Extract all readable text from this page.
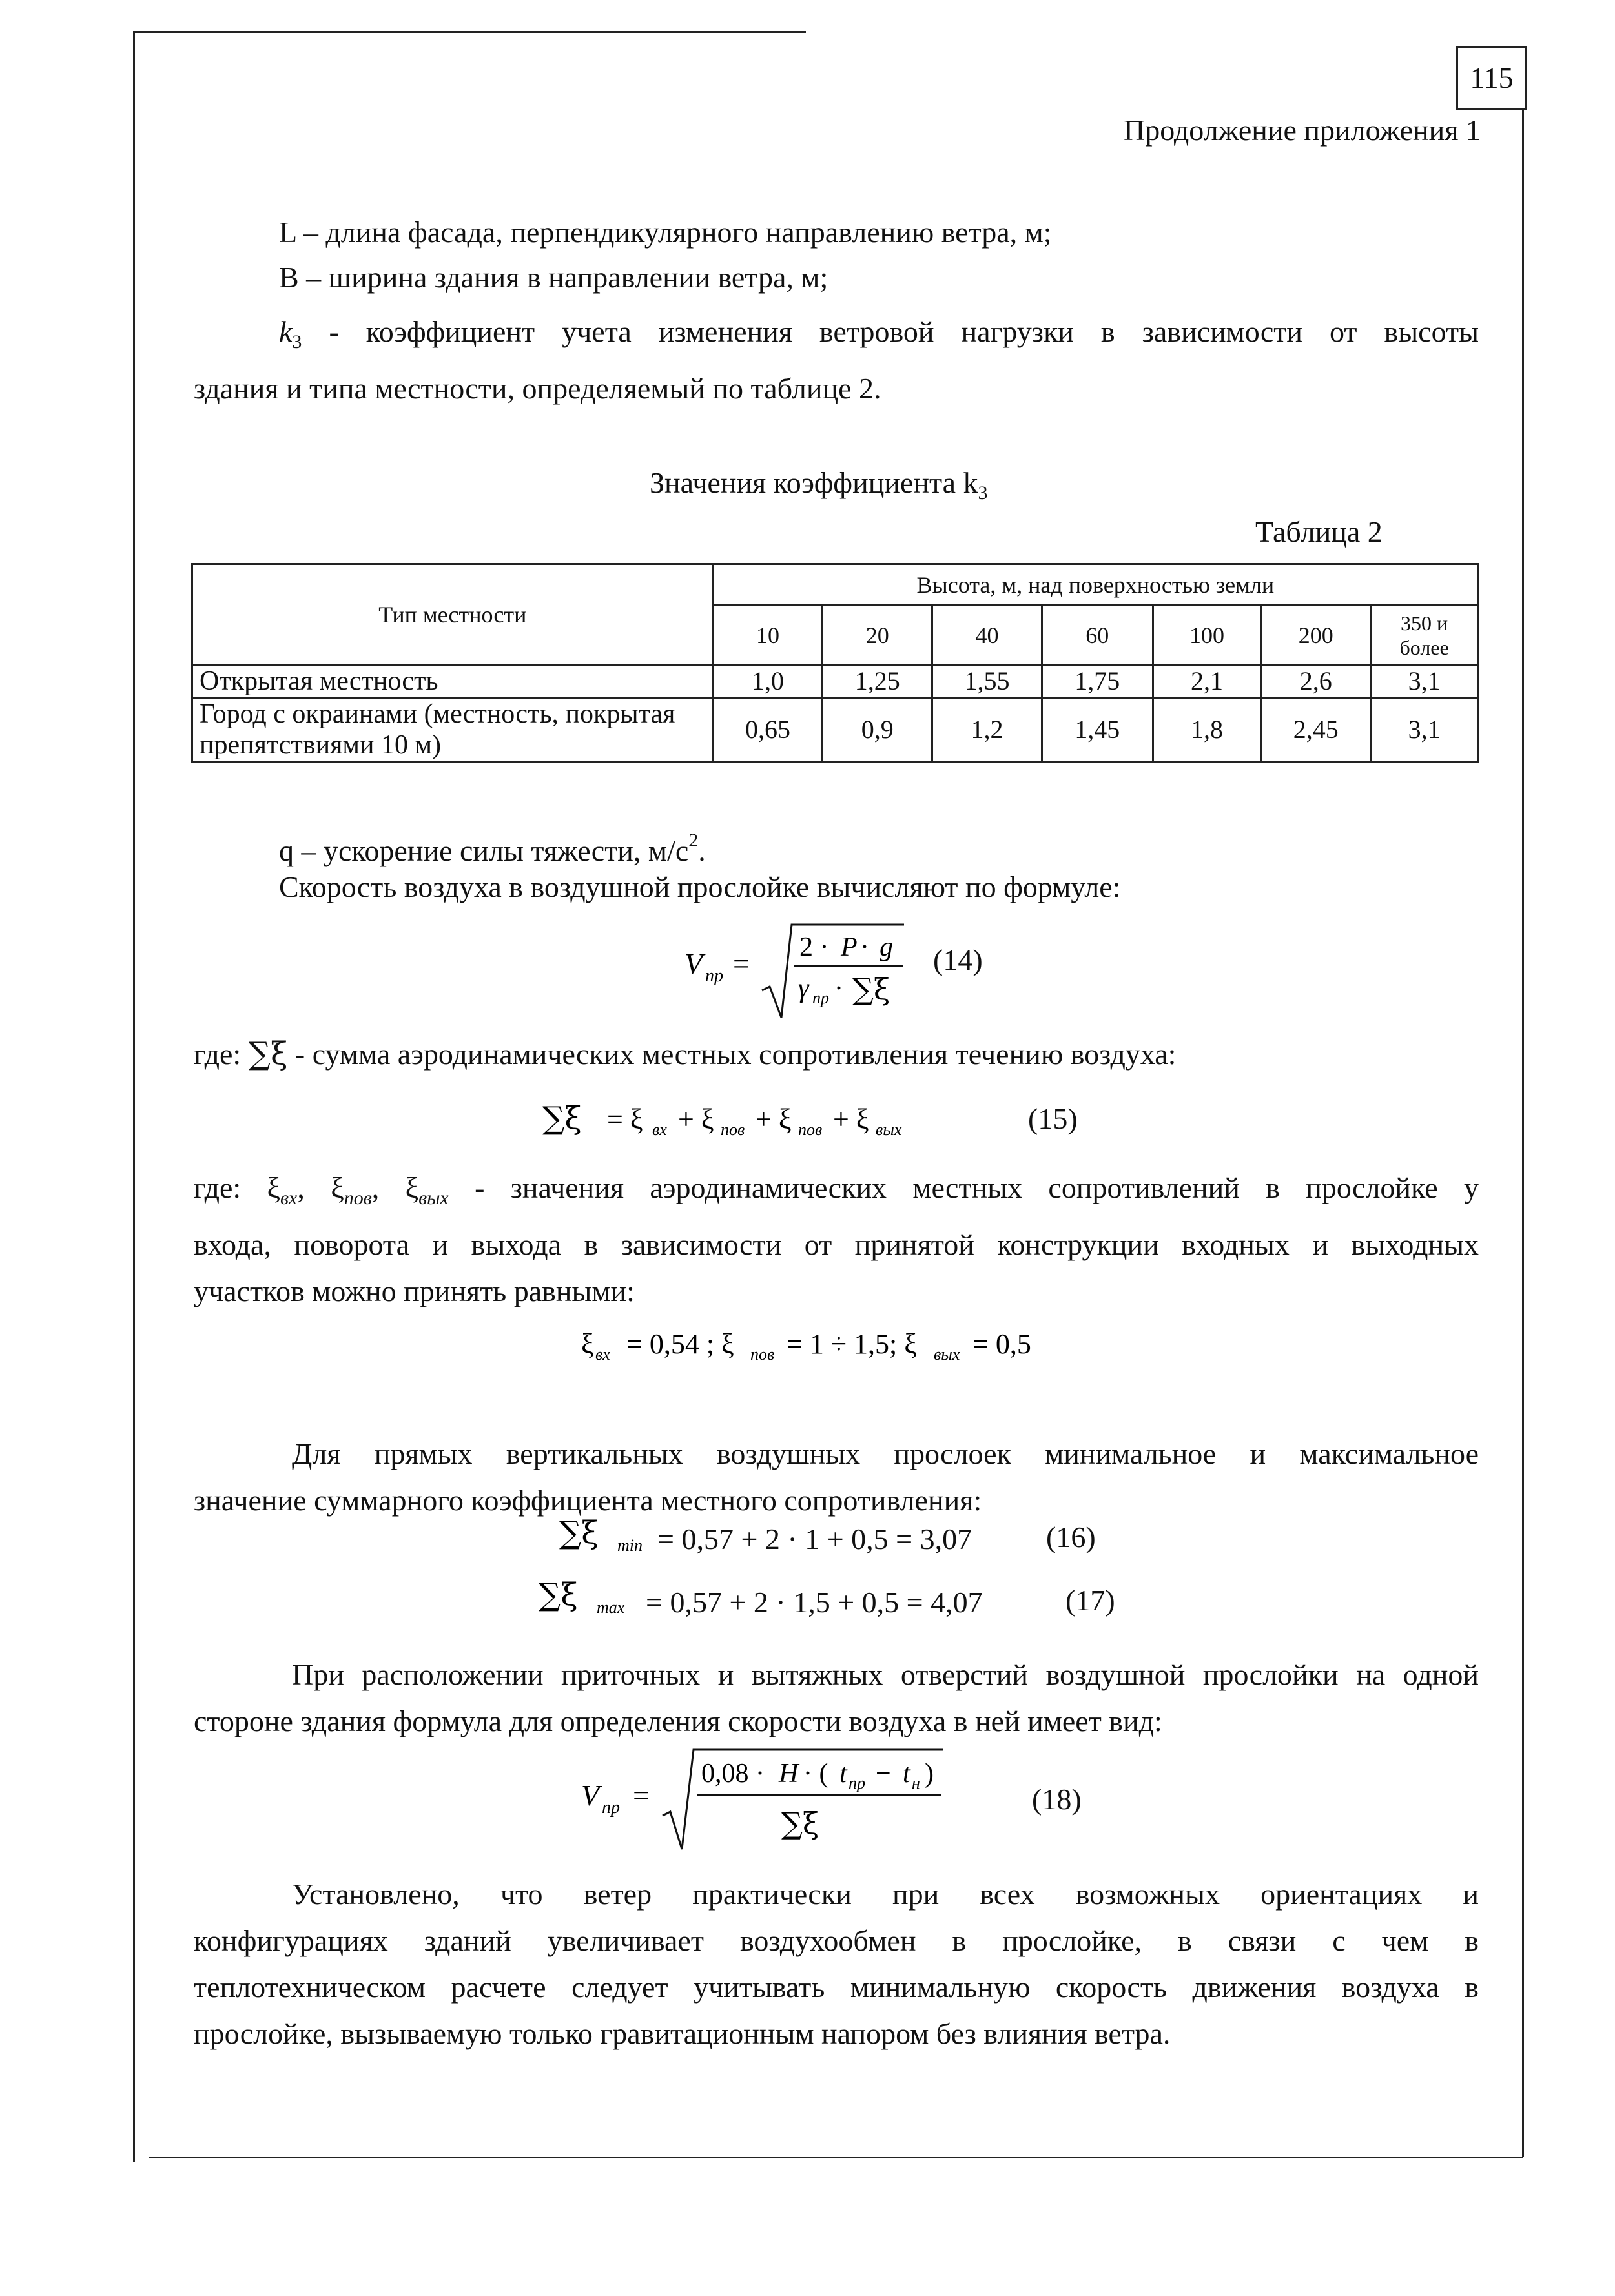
115
Продолжение приложения 1
L – длина фасада, перпендикулярного направлению ветра, м;
В – ширина здания в направлении ветра, м;
$k_3$ - коэффициент учета изменения ветровой нагрузки в зависимости от высоты
здания и типа местности, определяемый по таблице 2.
Значения коэффициента $k_3$
Таблица 2
Тип местности	Высота, м, над поверхностью земли						
	10	20	40	60	100	200	350 и более
Открытая местность	1,0	1,25	1,55	1,75	2,1	2,6	3,1
Город с окраинами (местность, покрытая препятствиями 10 м)	0,65	0,9	1,2	1,45	1,8	2,45	3,1
q – ускорение силы тяжести, $м/с^2$.
Скорость воздуха в воздушной прослойке вычисляют по формуле:
V пр = 2 · P · g
γ пр · ∑ξ
(14)
где: ∑ξ - сумма аэродинамических местных сопротивления течению воздуха:
∑ξ = ξ вх + ξ пов + ξ пов + ξ вых	(15)
где: $\xi_{вх}$, $\xi_{пов}$, $\xi_{вых}$ - значения аэродинамических местных сопротивлений в прослойке у
входа, поворота и выхода в зависимости от принятой конструкции входных и выходных
участков можно принять равными:
ξ вх = 0,54 ; ξ пов = 1 ÷ 1,5; ξ вых = 0,5
Для прямых вертикальных воздушных прослоек минимальное и максимальное
значение суммарного коэффициента местного сопротивления:
∑ξ min = 0,57 + 2 · 1 + 0,5 = 3,07 (16)
∑ξ max = 0,57 + 2 · 1,5 + 0,5 = 4,07	(17)
При расположении приточных и вытяжных отверстий воздушной прослойки на одной
стороне здания формула для определения скорости воздуха в ней имеет вид:
V пр =
0,08 · H · ( t пр − t н )
∑ξ
(18)
Установлено, что ветер практически при всех возможных ориентациях и
конфигурациях зданий увеличивает воздухообмен в прослойке, в связи с чем в
теплотехническом расчете следует учитывать минимальную скорость движения воздуха в
прослойке, вызываемую только гравитационным напором без влияния ветра.
